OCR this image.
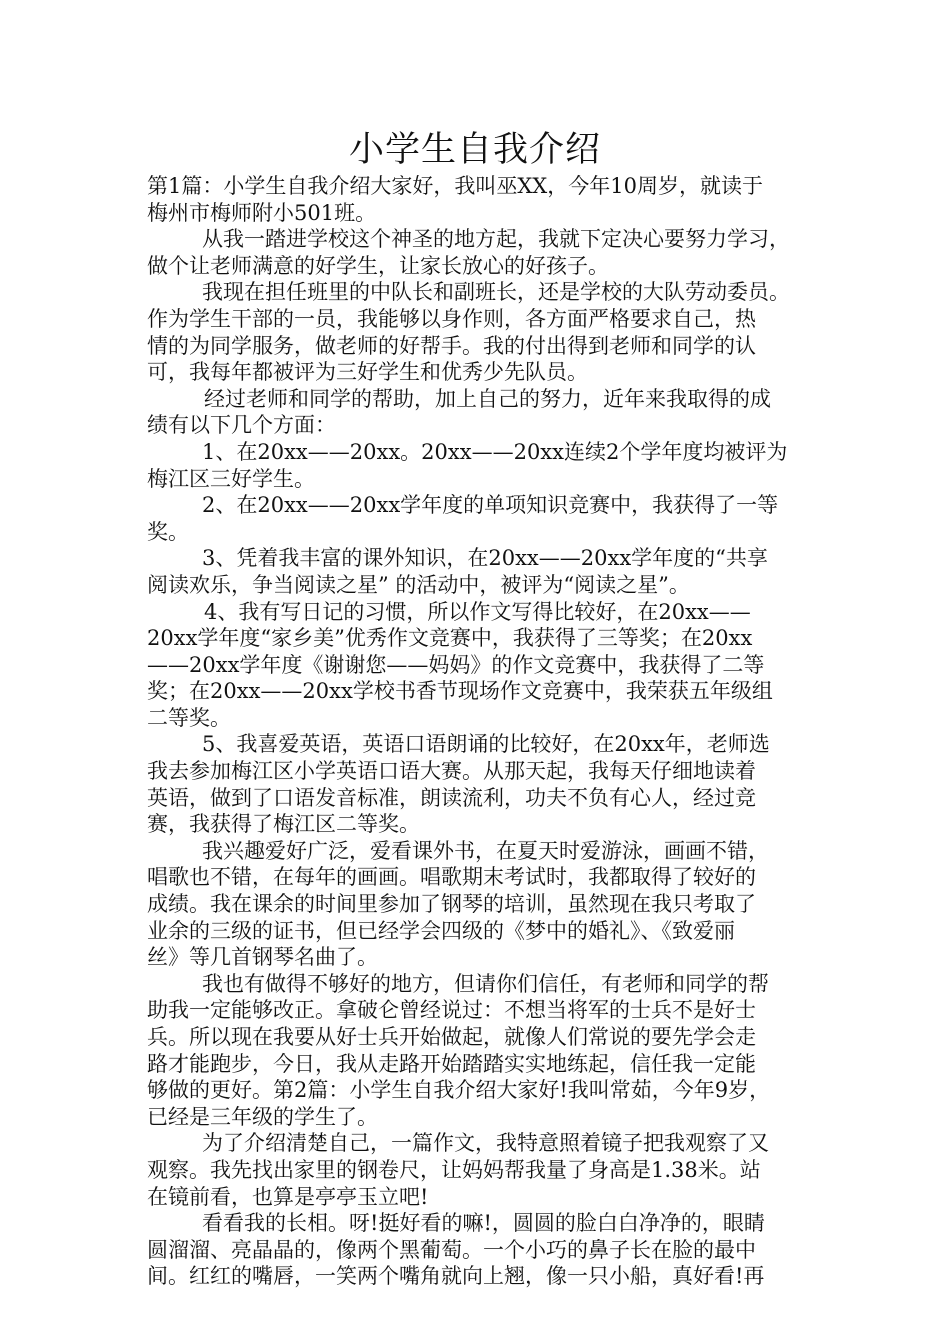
小学生自我介绍
第1篇：小学生自我介绍大家好，我叫巫XX，今年10周岁，就读于
梅州市梅师附小501班。
从我一踏进学校这个神圣的地方起，我就下定决心要努力学习，
做个让老师满意的好学生，让家长放心的好孩子。
我现在担任班里的中队长和副班长，还是学校的大队劳动委员。
作为学生干部的一员，我能够以身作则，各方面严格要求自己，热
情的为同学服务，做老师的好帮手。我的付出得到老师和同学的认
可，我每年都被评为三好学生和优秀少先队员。
经过老师和同学的帮助，加上自己的努力，近年来我取得的成
绩有以下几个方面：
1、在20xx——20xx。20xx——20xx连续2个学年度均被评为
梅江区三好学生。
2、在20xx——20xx学年度的单项知识竞赛中，我获得了一等
奖。
3、凭着我丰富的课外知识，在20xx——20xx学年度的“共享
阅读欢乐，争当阅读之星” 的活动中，被评为“阅读之星”。
4、我有写日记的习惯，所以作文写得比较好，在20xx——
20xx学年度“家乡美”优秀作文竞赛中，我获得了三等奖；在20xx
——20xx学年度《谢谢您——妈妈》的作文竞赛中，我获得了二等
奖；在20xx——20xx学校书香节现场作文竞赛中，我荣获五年级组
二等奖。
5、我喜爱英语，英语口语朗诵的比较好，在20xx年，老师选
我去参加梅江区小学英语口语大赛。从那天起，我每天仔细地读着
英语，做到了口语发音标准，朗读流利，功夫不负有心人，经过竞
赛，我获得了梅江区二等奖。
我兴趣爱好广泛，爱看课外书，在夏天时爱游泳，画画不错，
唱歌也不错，在每年的画画。唱歌期末考试时，我都取得了较好的
成绩。我在课余的时间里参加了钢琴的培训，虽然现在我只考取了
业余的三级的证书，但已经学会四级的《梦中的婚礼》、《致爱丽
丝》等几首钢琴名曲了。
我也有做得不够好的地方，但请你们信任，有老师和同学的帮
助我一定能够改正。拿破仑曾经说过：不想当将军的士兵不是好士
兵。所以现在我要从好士兵开始做起，就像人们常说的要先学会走
路才能跑步，今日，我从走路开始踏踏实实地练起，信任我一定能
够做的更好。第2篇：小学生自我介绍大家好!我叫常茹，今年9岁，
已经是三年级的学生了。
为了介绍清楚自己，一篇作文，我特意照着镜子把我观察了又
观察。我先找出家里的钢卷尺，让妈妈帮我量了身高是1.38米。站
在镜前看，也算是亭亭玉立吧!
看看我的长相。呀!挺好看的嘛!，圆圆的脸白白净净的，眼睛
圆溜溜、亮晶晶的，像两个黑葡萄。一个小巧的鼻子长在脸的最中
间。红红的嘴唇，一笑两个嘴角就向上翘，像一只小船，真好看!再
